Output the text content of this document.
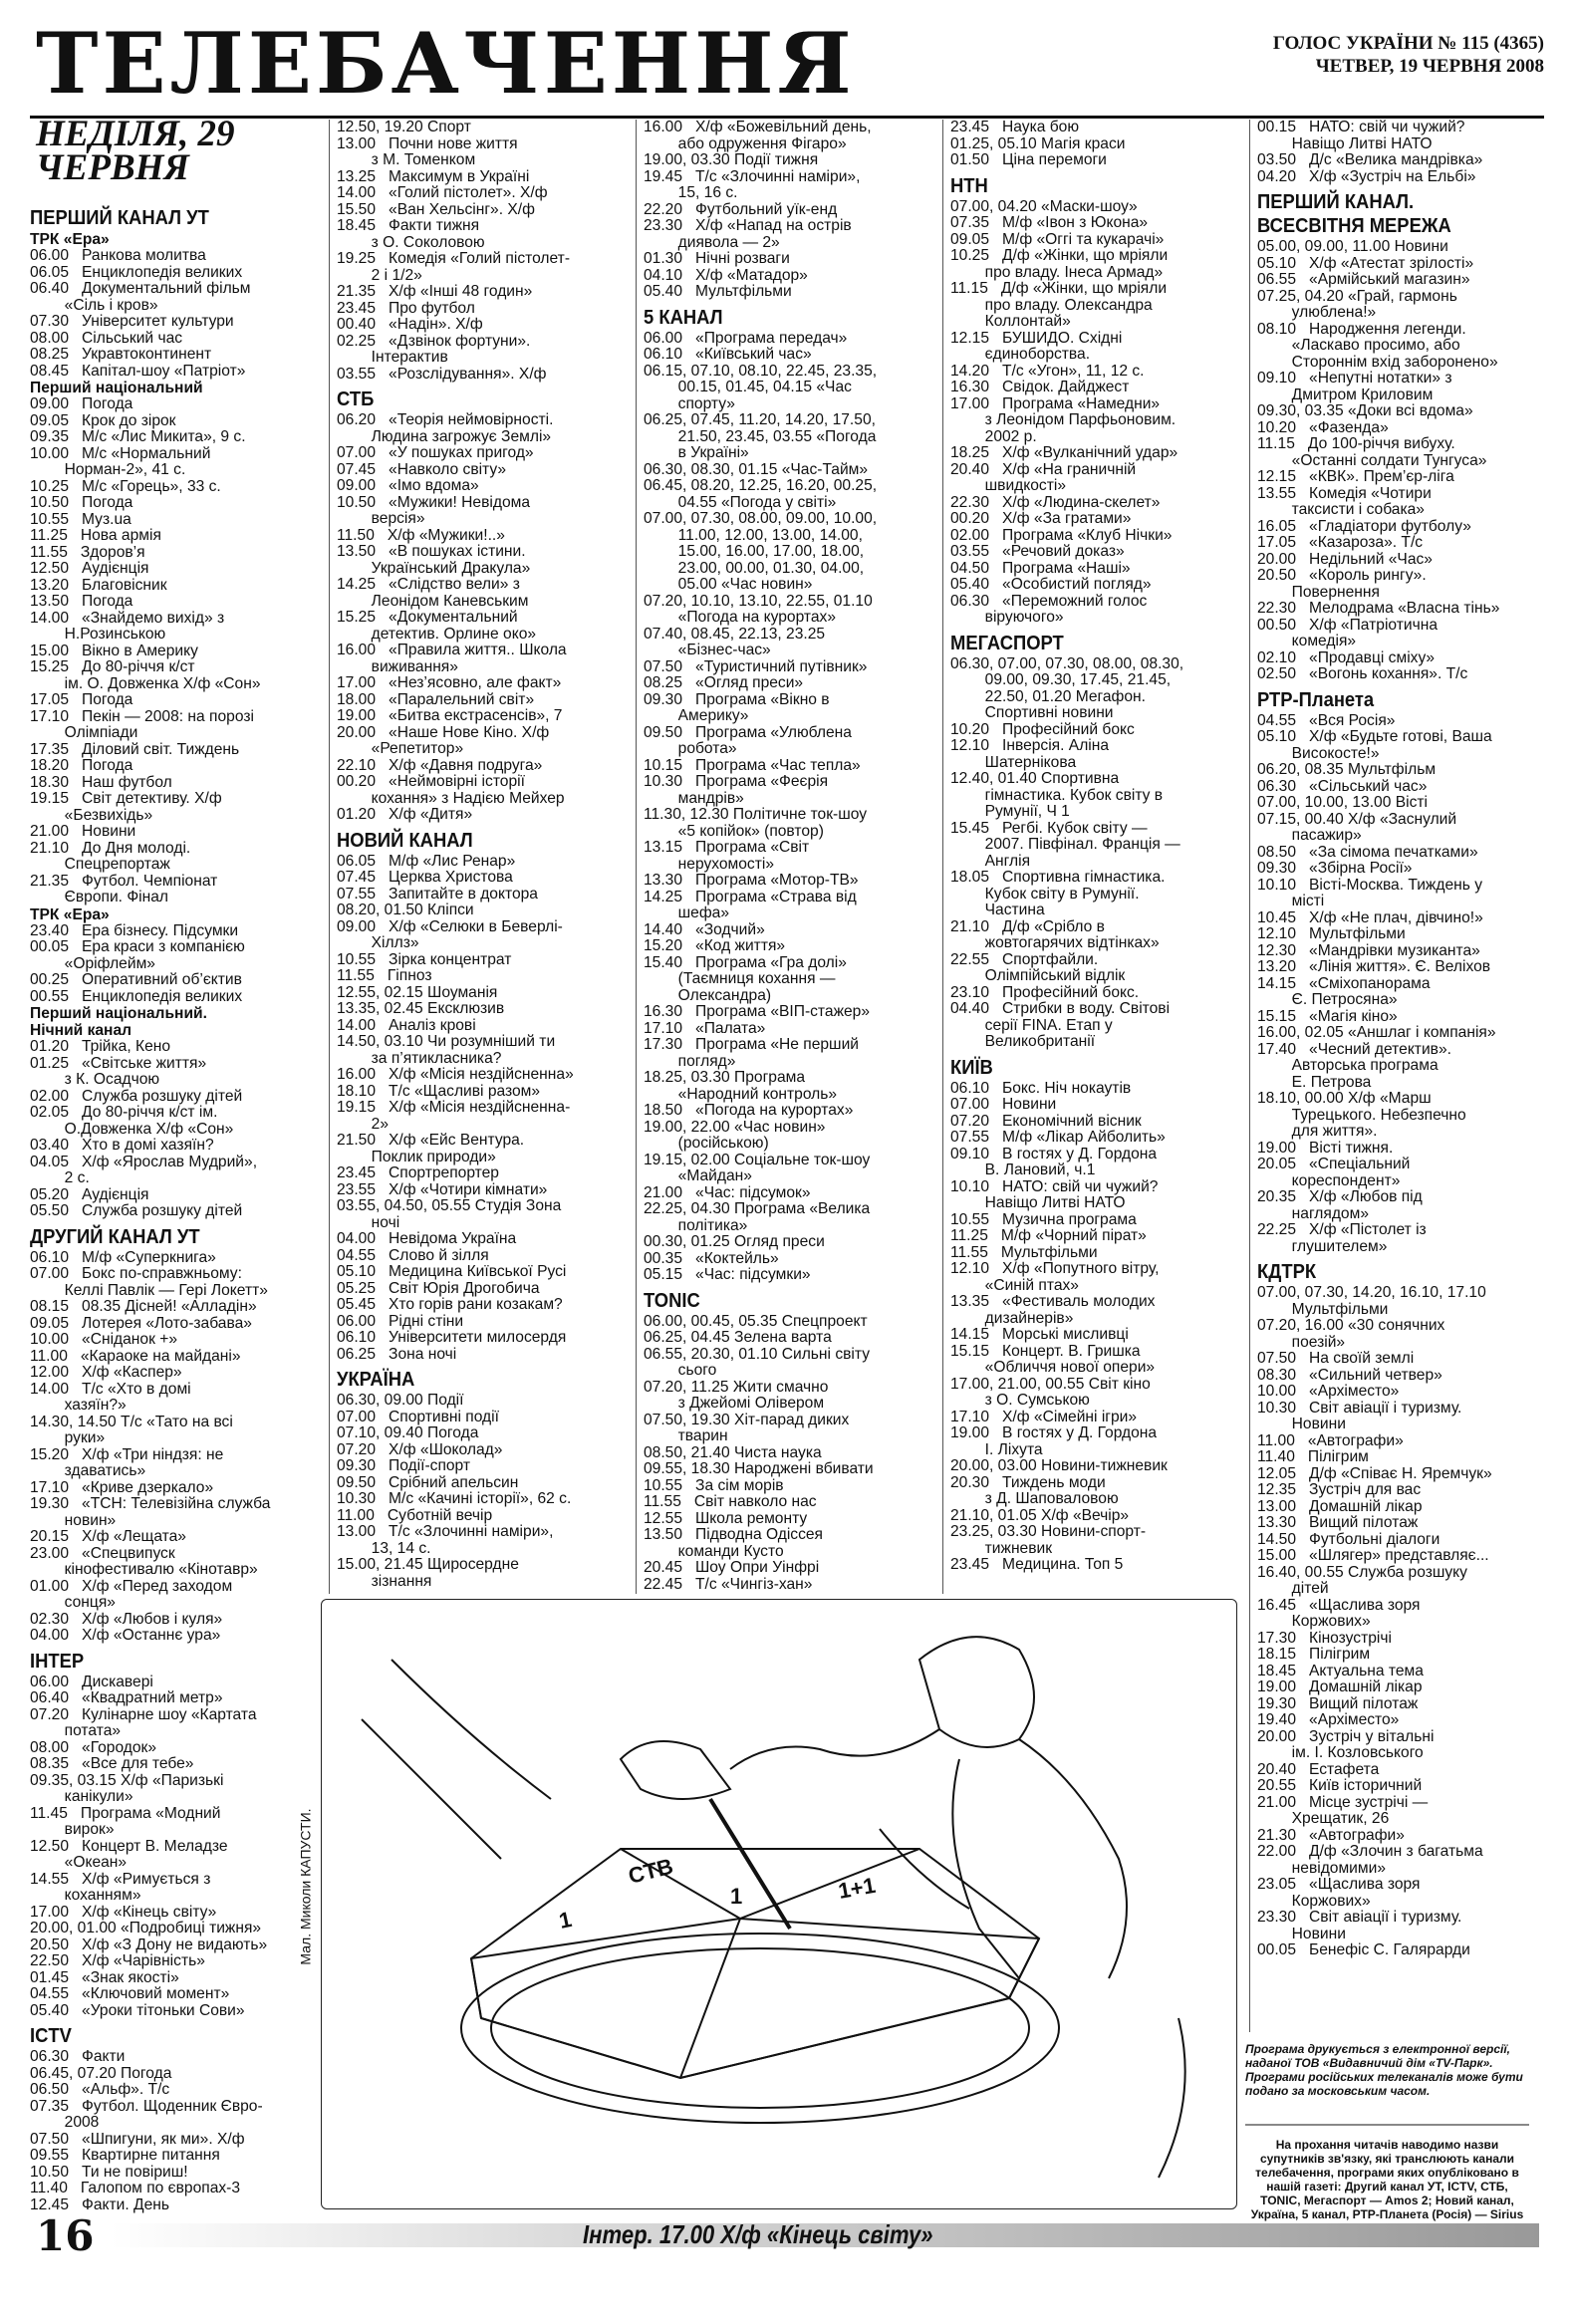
ТЕЛЕБАЧЕННЯ	ГОЛОС УКРАЇНИ № 115 (4365)
ЧЕТВЕР, 19 ЧЕРВНЯ 2008
НЕДІЛЯ, 29 ЧЕРВНЯ
ПЕРШИЙ КАНАЛ УТ
ТРК «Ера»
06.00   Ранкова молитва
06.05   Енциклопедія великих
06.40   Документальний фільм
«Сіль і кров»
07.30   Університет культури
08.00   Сільський час
08.25   Укравтоконтинент
08.45   Капітал-шоу «Патріот»
Перший національний
09.00   Погода
09.05   Крок до зірок
09.35   М/с «Лис Микита», 9 с.
10.00   М/с «Нормальний
Норман-2», 41 с.
10.25   М/с «Горець», 33 с.
10.50   Погода
10.55   Муз.ua
11.25   Нова армія
11.55   Здоров’я
12.50   Аудієнція
13.20   Благовісник
13.50   Погода
14.00   «Знайдемо вихід» з
Н.Розинською
15.00   Вікно в Америку
15.25   До 80-річчя к/ст
ім. О. Довженка Х/ф «Сон»
17.05   Погода
17.10   Пекін — 2008: на порозі
Олімпіади
17.35   Діловий світ. Тиждень
18.20   Погода
18.30   Наш футбол
19.15   Світ детективу. Х/ф
«Безвихідь»
21.00   Новини
21.10   До Дня молоді.
Спецрепортаж
21.35   Футбол. Чемпіонат
Європи. Фінал
ТРК «Ера»
23.40   Ера бізнесу. Підсумки
00.05   Ера краси з компанією
«Оріфлейм»
00.25   Оперативний об’єктив
00.55   Енциклопедія великих
Перший національний.
Нічний канал
01.20   Трійка, Кено
01.25   «Світське життя»
з К. Осадчою
02.00   Служба розшуку дітей
02.05   До 80-річчя к/ст ім.
О.Довженка Х/ф «Сон»
03.40   Хто в домі хазяїн?
04.05   Х/ф «Ярослав Мудрий»,
2 с.
05.20   Аудієнція
05.50   Служба розшуку дітей
ДРУГИЙ КАНАЛ УТ
06.10   М/ф «Суперкнига»
07.00   Бокс по-справжньому:
Келлі Павлік — Гері Локетт»
08.15   08.35 Дісней! «Алладін»
09.05   Лотерея «Лото-забава»
10.00   «Сніданок +»
11.00   «Караоке на майдані»
12.00   Х/ф «Каспер»
14.00   Т/с «Хто в домі
хазяїн?»
14.30, 14.50 Т/с «Тато на всі
руки»
15.20   Х/ф «Три ніндзя: не
здаватись»
17.10   «Криве дзеркало»
19.30   «ТСН: Телевізійна служба
новин»
20.15   Х/ф «Лещата»
23.00   «Спецвипуск
кінофестивалю «Кінотавр»
01.00   Х/ф «Перед заходом
сонця»
02.30   Х/ф «Любов і куля»
04.00   Х/ф «Останнє ура»
ІНТЕР
06.00   Дискавері
06.40   «Квадратний метр»
07.20   Кулінарне шоу «Картата
потата»
08.00   «Городок»
08.35   «Все для тебе»
09.35, 03.15 Х/ф «Паризькі
канікули»
11.45   Програма «Модний
вирок»
12.50   Концерт В. Меладзе
«Океан»
14.55   Х/ф «Римується з
коханням»
17.00   Х/ф «Кінець світу»
20.00, 01.00 «Подробиці тижня»
20.50   Х/ф «З Дону не видають»
22.50   Х/ф «Чарівність»
01.45   «Знак якості»
04.55   «Ключовий момент»
05.40   «Уроки тітоньки Сови»
ICTV
06.30   Факти
06.45, 07.20 Погода
06.50   «Альф». Т/с
07.35   Футбол. Щоденник Євро-
2008
07.50   «Шпигуни, як ми». Х/ф
09.55   Квартирне питання
10.50   Ти не повіриш!
11.40   Галопом по європах-3
12.45   Факти. День
12.50, 19.20 Спорт
13.00   Почни нове життя
з М. Томенком
13.25   Максимум в Україні
14.00   «Голий пістолет». Х/ф
15.50   «Ван Хельсінг». Х/ф
18.45   Факти тижня
з О. Соколовою
19.25   Комедія «Голий пістолет-
2 і 1/2»
21.35   Х/ф «Інші 48 годин»
23.45   Про футбол
00.40   «Надін». Х/ф
02.25   «Дзвінок фортуни».
Інтерактив
03.55   «Розслідування». Х/ф
СТБ
06.20   «Теорія неймовірності.
Людина загрожує Землі»
07.00   «У пошуках пригод»
07.45   «Навколо світу»
09.00   «Імо вдома»
10.50   «Мужики! Невідома
версія»
11.50   Х/ф «Мужики!..»
13.50   «В пошуках істини.
Український Дракула»
14.25   «Слідство вели» з
Леонідом Каневським
15.25   «Документальний
детектив. Орлине око»
16.00   «Правила життя.. Школа
виживання»
17.00   «Нез’ясовно, але факт»
18.00   «Паралельний світ»
19.00   «Битва екстрасенсів», 7
20.00   «Наше Нове Кіно. Х/ф
«Репетитор»
22.10   Х/ф «Давня подруга»
00.20   «Неймовірні історії
кохання» з Надією Мейхер
01.20   Х/ф «Дитя»
НОВИЙ КАНАЛ
06.05   М/ф «Лис Ренар»
07.45   Церква Христова
07.55   Запитайте в доктора
08.20, 01.50 Кліпси
09.00   Х/ф «Селюки в Беверлі-
Хіллз»
10.55   Зірка концентрат
11.55   Гіпноз
12.55, 02.15 Шоуманія
13.35, 02.45 Ексклюзив
14.00   Аналіз крові
14.50, 03.10 Чи розумніший ти
за п’ятикласника?
16.00   Х/ф «Місія нездійсненна»
18.10   Т/с «Щасливі разом»
19.15   Х/ф «Місія нездійсненна-
2»
21.50   Х/ф «Ейс Вентура.
Поклик природи»
23.45   Спортрепортер
23.55   Х/ф «Чотири кімнати»
03.55, 04.50, 05.55 Студія Зона
ночі
04.00   Невідома Україна
04.55   Слово й зілля
05.10   Медицина Київської Русі
05.25   Світ Юрія Дрогобича
05.45   Хто горів рани козакам?
06.00   Рідні стіни
06.10   Університети милосердя
06.25   Зона ночі
УКРАЇНА
06.30, 09.00 Події
07.00   Спортивні події
07.10, 09.40 Погода
07.20   Х/ф «Шоколад»
09.30   Події-спорт
09.50   Срібний апельсин
10.30   М/с «Качині історії», 62 с.
11.00   Суботній вечір
13.00   Т/с «Злочинні наміри»,
13, 14 с.
15.00, 21.45 Щиросердне
зізнання
16.00   Х/ф «Божевільний день,
або одруження Фігаро»
19.00, 03.30 Події тижня
19.45   Т/с «Злочинні наміри»,
15, 16 с.
22.20   Футбольний уїк-енд
23.30   Х/ф «Напад на острів
диявола — 2»
01.30   Нічні розваги
04.10   Х/ф «Матадор»
05.40   Мультфільми
5 КАНАЛ
06.00   «Програма передач»
06.10   «Київський час»
06.15, 07.10, 08.10, 22.45, 23.35,
00.15, 01.45, 04.15 «Час
спорту»
06.25, 07.45, 11.20, 14.20, 17.50,
21.50, 23.45, 03.55 «Погода
в Україні»
06.30, 08.30, 01.15 «Час-Тайм»
06.45, 08.20, 12.25, 16.20, 00.25,
04.55 «Погода у світі»
07.00, 07.30, 08.00, 09.00, 10.00,
11.00, 12.00, 13.00, 14.00,
15.00, 16.00, 17.00, 18.00,
23.00, 00.00, 01.30, 04.00,
05.00 «Час новин»
07.20, 10.10, 13.10, 22.55, 01.10
«Погода на курортах»
07.40, 08.45, 22.13, 23.25
«Бізнес-час»
07.50   «Туристичний путівник»
08.25   «Огляд преси»
09.30   Програма «Вікно в
Америку»
09.50   Програма «Улюблена
робота»
10.15   Програма «Час тепла»
10.30   Програма «Феєрія
мандрів»
11.30, 12.30 Політичне ток-шоу
«5 копійок» (повтор)
13.15   Програма «Світ
нерухомості»
13.30   Програма «Мотор-ТВ»
14.25   Програма «Страва від
шефа»
14.40   «Зодчий»
15.20   «Код життя»
15.40   Програма «Гра долі»
(Таємниця кохання —
Олександра)
16.30   Програма «ВІП-стажер»
17.10   «Палата»
17.30   Програма «Не перший
погляд»
18.25, 03.30 Програма
«Народний контроль»
18.50   «Погода на курортах»
19.00, 22.00 «Час новин»
(російською)
19.15, 02.00 Соціальне ток-шоу
«Майдан»
21.00   «Час: підсумок»
22.25, 04.30 Програма «Велика
політика»
00.30, 01.25 Огляд преси
00.35   «Коктейль»
05.15   «Час: підсумки»
ТОNІС
06.00, 00.45, 05.35 Спецпроект
06.25, 04.45 Зелена варта
06.55, 20.30, 01.10 Сильні світу
сього
07.20, 11.25 Жити смачно
з Джейомі Олівером
07.50, 19.30 Хіт-парад диких
тварин
08.50, 21.40 Чиста наука
09.55, 18.30 Народжені вбивати
10.55   За сім морів
11.55   Світ навколо нас
12.55   Школа ремонту
13.50   Підводна Одіссея
команди Кусто
20.45   Шоу Опри Уінфрі
22.45   Т/с «Чингіз-хан»
23.45   Наука бою
01.25, 05.10 Магія краси
01.50   Ціна перемоги
НТН
07.00, 04.20 «Маски-шоу»
07.35   М/ф «Івон з Юкона»
09.05   М/ф «Оггі та кукарачі»
10.25   Д/ф «Жінки, що мріяли
про владу. Інеса Армад»
11.15   Д/ф «Жінки, що мріяли
про владу. Олександра
Коллонтай»
12.15   БУШИДО. Східні
єдиноборства.
14.20   Т/с «Угон», 11, 12 с.
16.30   Свідок. Дайджест
17.00   Програма «Намедни»
з Леонідом Парфьоновим.
2002 р.
18.25   Х/ф «Вулканічний удар»
20.40   Х/ф «На граничній
швидкості»
22.30   Х/ф «Людина-скелет»
00.20   Х/ф «За гратами»
02.00   Програма «Клуб Нічки»
03.55   «Речовий доказ»
04.50   Програма «Наші»
05.40   «Особистий погляд»
06.30   «Переможний голос
віруючого»
МЕГАСПОРТ
06.30, 07.00, 07.30, 08.00, 08.30,
09.00, 09.30, 17.45, 21.45,
22.50, 01.20 Мегафон.
Спортивні новини
10.20   Професійний бокс
12.10   Інверсія. Аліна
Шатернікова
12.40, 01.40 Спортивна
гімнастика. Кубок світу в
Румунії, Ч 1
15.45   Регбі. Кубок світу —
2007. Півфінал. Франція —
Англія
18.05   Спортивна гімнастика.
Кубок світу в Румунії.
Частина
21.10   Д/ф «Срібло в
жовтогарячих відтінках»
22.55   Спортфайли.
Олімпійський відлік
23.10   Професійний бокс.
04.40   Стрибки в воду. Світові
серії FINA. Етап у
Великобританії
КИЇВ
06.10   Бокс. Ніч нокаутів
07.00   Новини
07.20   Економічний вісник
07.55   М/ф «Лікар Айболить»
09.10   В гостях у Д. Гордона
В. Лановий, ч.1
10.10   НАТО: свій чи чужий?
Навіщо Литві НАТО
10.55   Музична програма
11.25   М/ф «Чорний пірат»
11.55   Мультфільми
12.10   Х/ф «Попутного вітру,
«Синій птах»
13.35   «Фестиваль молодих
дизайнерів»
14.15   Морські мисливці
15.15   Концерт. В. Гришка
«Обличчя нової опери»
17.00, 21.00, 00.55 Світ кіно
з О. Сумською
17.10   Х/ф «Сімейні ігри»
19.00   В гостях у Д. Гордона
І. Ліхута
20.00, 03.00 Новини-тижневик
20.30   Тиждень моди
з Д. Шаповаловою
21.10, 01.05 Х/ф «Вечір»
23.25, 03.30 Новини-спорт-
тижневик
23.45   Медицина. Топ 5
00.15   НАТО: свій чи чужий?
Навіщо Литві НАТО
03.50   Д/с «Велика мандрівка»
04.20   Х/ф «Зустріч на Ельбі»
ПЕРШИЙ КАНАЛ.
ВСЕСВІТНЯ МЕРЕЖА
05.00, 09.00, 11.00 Новини
05.10   Х/ф «Атестат зрілості»
06.55   «Армійський магазин»
07.25, 04.20 «Грай, гармонь
улюблена!»
08.10   Народження легенди.
«Ласкаво просимо, або
Стороннім вхід заборонено»
09.10   «Непутні нотатки» з
Дмитром Криловим
09.30, 03.35 «Доки всі вдома»
10.20   «Фазенда»
11.15   До 100-річчя вибуху.
«Останні солдати Тунгуса»
12.15   «КВК». Прем’єр-ліга
13.55   Комедія «Чотири
таксисти і собака»
16.05   «Гладіатори футболу»
17.05   «Казароза». Т/с
20.00   Недільний «Час»
20.50   «Король рингу».
Повернення
22.30   Мелодрама «Власна тінь»
00.50   Х/ф «Патріотична
комедія»
02.10   «Продавці сміху»
02.50   «Вогонь кохання». Т/с
РТР-Планета
04.55   «Вся Росія»
05.10   Х/ф «Будьте готові, Ваша
Високосте!»
06.20, 08.35 Мультфільм
06.30   «Сільський час»
07.00, 10.00, 13.00 Вісті
07.15, 00.40 Х/ф «Заснулий
пасажир»
08.50   «За сімома печатками»
09.30   «Збірна Росії»
10.10   Вісті-Москва. Тиждень у
місті
10.45   Х/ф «Не плач, дівчино!»
12.10   Мультфільми
12.30   «Мандрівки музиканта»
13.20   «Лінія життя». Є. Веліхов
14.15   «Сміхопанорама
Є. Петросяна»
15.15   «Магія кіно»
16.00, 02.05 «Аншлаг і компанія»
17.40   «Чесний детектив».
Авторська програма
Е. Петрова
18.10, 00.00 Х/ф «Марш
Турецького. Небезпечно
для життя».
19.00   Вісті тижня.
20.05   «Спеціальний
кореспондент»
20.35   Х/ф «Любов під
наглядом»
22.25   Х/ф «Пістолет із
глушителем»
КДТРК
07.00, 07.30, 14.20, 16.10, 17.10
Мультфільми
07.20, 16.00 «30 сонячних
поезій»
07.50   На своїй землі
08.30   «Сильний четвер»
10.00   «Архіместо»
10.30   Світ авіації і туризму.
Новини
11.00   «Автографи»
11.40   Пілігрим
12.05   Д/ф «Співає Н. Яремчук»
12.35   Зустріч для вас
13.00   Домашній лікар
13.30   Вищий пілотаж
14.50   Футбольні діалоги
15.00   «Шлягер» представляє...
16.40, 00.55 Служба розшуку
дітей
16.45   «Щаслива зоря
Коржових»
17.30   Кінозустрічі
18.15   Пілігрим
18.45   Актуальна тема
19.00   Домашній лікар
19.30   Вищий пілотаж
19.40   «Архіместо»
20.00   Зустріч у вітальні
ім. І. Козловського
20.40   Естафета
20.55   Київ історичний
21.00   Місце зустрічі —
Хрещатик, 26
21.30   «Автографи»
22.00   Д/ф «Злочин з багатьма
невідомими»
23.05   «Щаслива зоря
Коржових»
23.30   Світ авіації і туризму.
Новини
00.05   Бенефіс С. Галярарди
1
1+1
1
CTB
Мал. Миколи КАПУСТИ.
Програма друкується з електронної версії, наданої ТОВ «Видавничий дім «TV-Парк». Програми російських телеканалів може бути подано за московським часом.
На прохання читачів наводимо назви супутників зв'язку, які транслюють канали телебачення, програми яких опубліковано в нашій газеті: Другий канал УТ, ICTV, СТБ, TONIC, Мегаспорт — Amos 2; Новий канал, Україна, 5 канал, РТР-Планета (Росія) — Sirius
16	Інтер. 17.00 Х/ф «Кінець світу»
